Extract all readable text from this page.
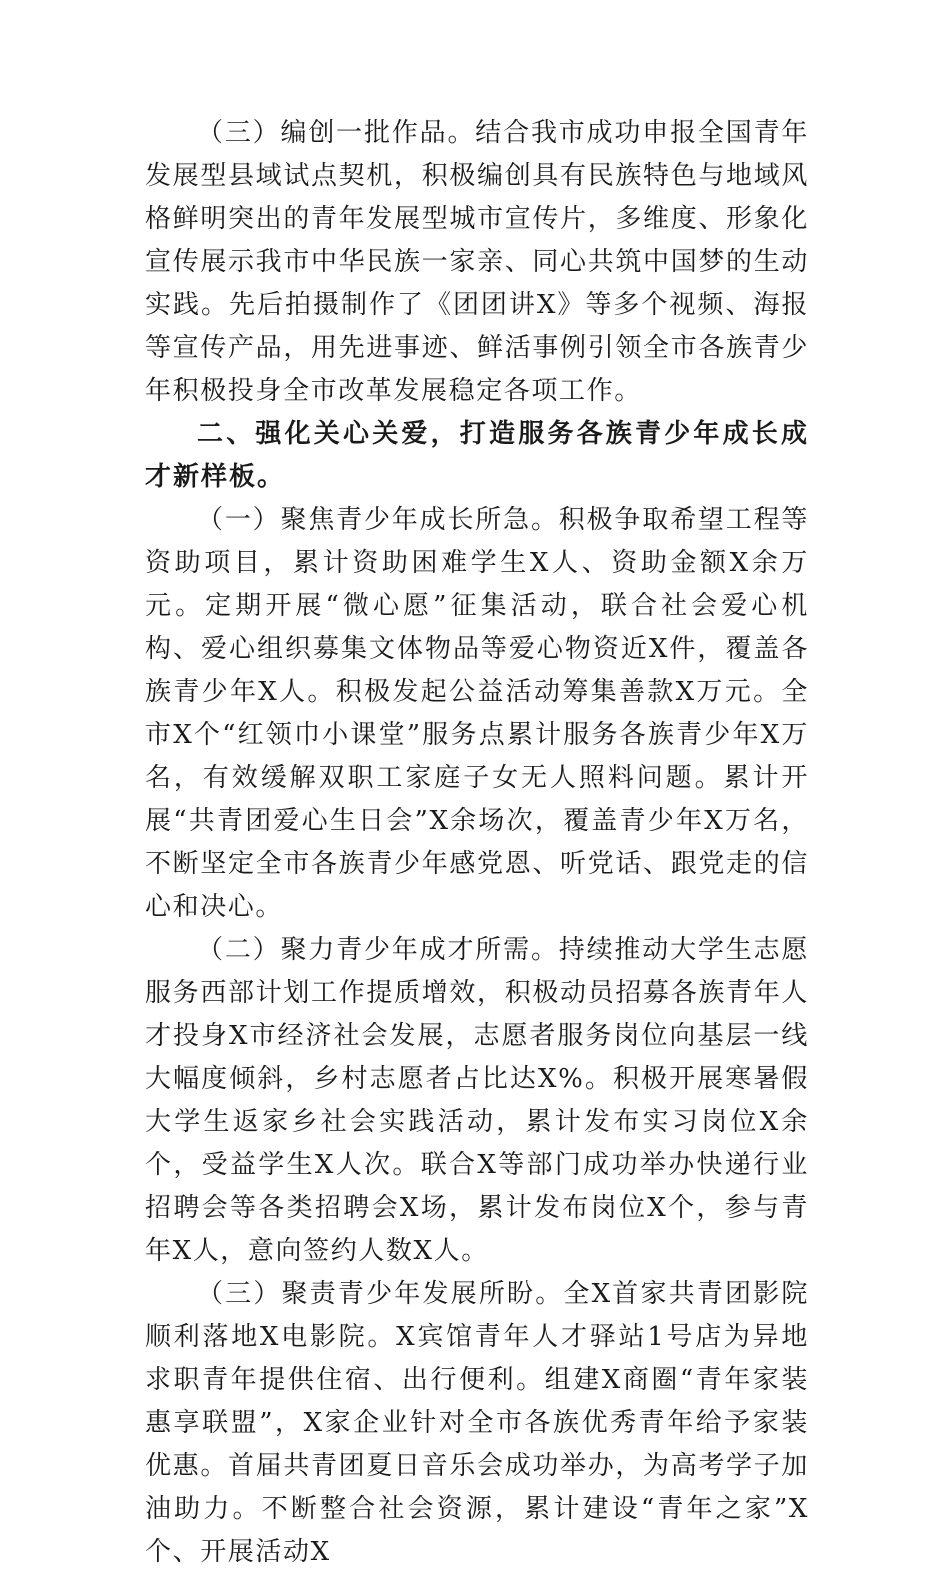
（三）编创一批作品。结合我市成功申报全国青年发展型县域试点契机，积极编创具有民族特色与地域风格鲜明突出的青年发展型城市宣传片，多维度、形象化宣传展示我市中华民族一家亲、同心共筑中国梦的生动实践。先后拍摄制作了《团团讲X》等多个视频、海报等宣传产品，用先进事迹、鲜活事例引领全市各族青少年积极投身全市改革发展稳定各项工作。

二、强化关心关爱，打造服务各族青少年成长成才新样板。

（一）聚焦青少年成长所急。积极争取希望工程等资助项目，累计资助困难学生X人、资助金额X余万元。定期开展“微心愿”征集活动，联合社会爱心机构、爱心组织募集文体物品等爱心物资近X件，覆盖各族青少年X人。积极发起公益活动筹集善款X万元。全市X个“红领巾小课堂”服务点累计服务各族青少年X万名，有效缓解双职工家庭子女无人照料问题。累计开展“共青团爱心生日会”X余场次，覆盖青少年X万名，不断坚定全市各族青少年感党恩、听党话、跟党走的信心和决心。

（二）聚力青少年成才所需。持续推动大学生志愿服务西部计划工作提质增效，积极动员招募各族青年人才投身X市经济社会发展，志愿者服务岗位向基层一线大幅度倾斜，乡村志愿者占比达X%。积极开展寒暑假大学生返家乡社会实践活动，累计发布实习岗位X余个，受益学生X人次。联合X等部门成功举办快递行业招聘会等各类招聘会X场，累计发布岗位X个，参与青年X人，意向签约人数X人。

（三）聚责青少年发展所盼。全X首家共青团影院顺利落地X电影院。X宾馆青年人才驿站1号店为异地求职青年提供住宿、出行便利。组建X商圈“青年家装惠享联盟”，X家企业针对全市各族优秀青年给予家装优惠。首届共青团夏日音乐会成功举办，为高考学子加油助力。不断整合社会资源，累计建设“青年之家”X个、开展活动X
